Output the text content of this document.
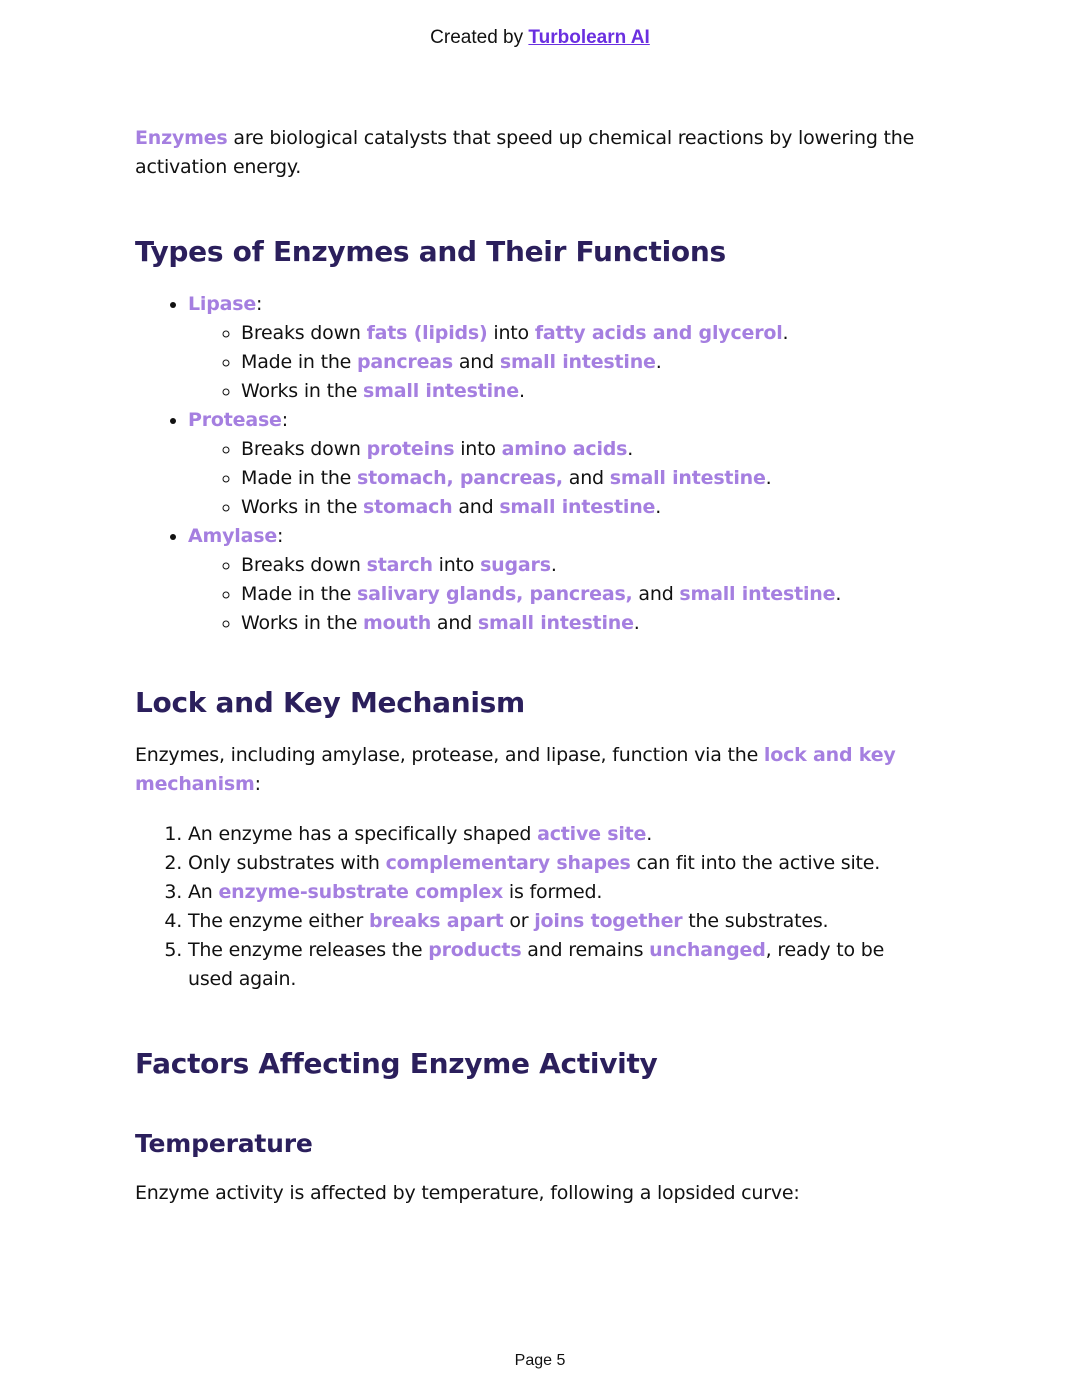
Created by Turbolearn AI

Enzymes are biological catalysts that speed up chemical reactions by lowering the activation energy.

Types of Enzymes and Their Functions
• Lipase:
◦ Breaks down fats (lipids) into fatty acids and glycerol.
◦ Made in the pancreas and small intestine.
◦ Works in the small intestine.
• Protease:
◦ Breaks down proteins into amino acids.
◦ Made in the stomach, pancreas, and small intestine.
◦ Works in the stomach and small intestine.
• Amylase:
◦ Breaks down starch into sugars.
◦ Made in the salivary glands, pancreas, and small intestine.
◦ Works in the mouth and small intestine.
Lock and Key Mechanism

Enzymes, including amylase, protease, and lipase, function via the lock and key mechanism:

1. An enzyme has a specifically shaped active site.
2. Only substrates with complementary shapes can fit into the active site.
3. An enzyme-substrate complex is formed.
4. The enzyme either breaks apart or joins together the substrates.
5. The enzyme releases the products and remains unchanged, ready to be used again.
Factors Affecting Enzyme Activity
Temperature

Enzyme activity is affected by temperature, following a lopsided curve:

Page 5
